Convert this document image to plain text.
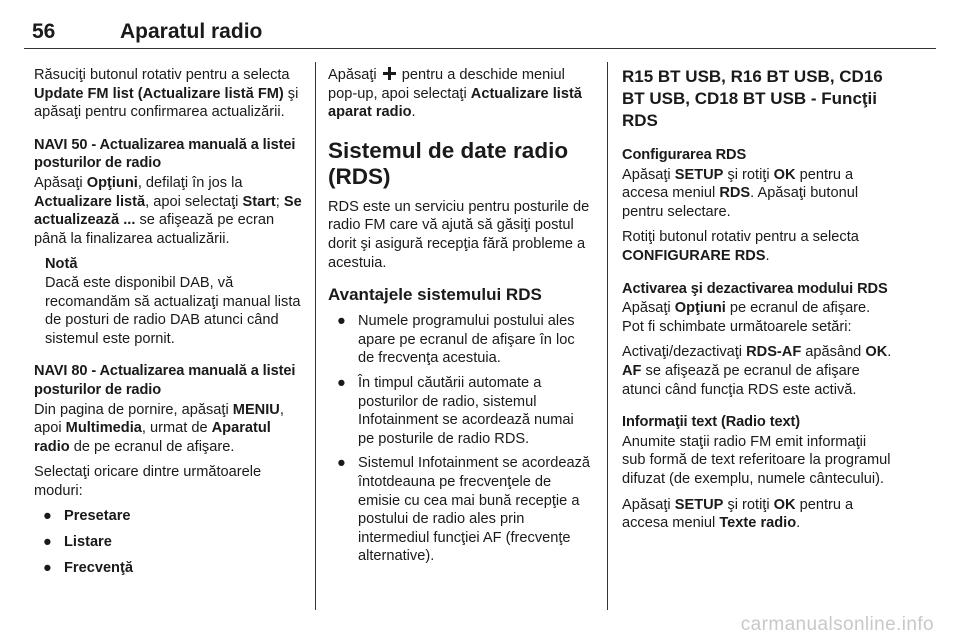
56	Aparatul radio

Răsuciţi butonul rotativ pentru a selecta Update FM list (Actualizare listă FM) şi apăsaţi pentru confirmarea actualizării.

NAVI 50 - Actualizarea manuală a listei posturilor de radio

Apăsaţi Opţiuni, defilaţi în jos la Actualizare listă, apoi selectaţi Start; Se actualizează ... se afişează pe ecran până la finalizarea actualizării.

Notă
Dacă este disponibil DAB, vă recomandăm să actualizaţi manual lista de posturi de radio DAB atunci când sistemul este pornit.
NAVI 80 - Actualizarea manuală a listei posturilor de radio

Din pagina de pornire, apăsaţi MENIU, apoi Multimedia, urmat de Aparatul radio de pe ecranul de afişare.

Selectaţi oricare dintre următoarele moduri:

● Presetare
● Listare
● Frecvenţă

Apăsaţi  pentru a deschide meniul pop-up, apoi selectaţi Actualizare listă aparat radio.

Sistemul de date radio (RDS)

RDS este un serviciu pentru posturile de radio FM care vă ajută să găsiţi postul dorit şi asigură recepţia fără probleme a acestuia.

Avantajele sistemului RDS
● Numele programului postului ales apare pe ecranul de afişare în loc de frecvenţa acestuia.
● În timpul căutării automate a posturilor de radio, sistemul Infotainment se acordează numai pe posturile de radio RDS.
● Sistemul Infotainment se acordează întotdeauna pe frecvenţele de emisie cu cea mai bună recepţie a postului de radio ales prin intermediul funcţiei AF (frecvenţe alternative).
R15 BT USB, R16 BT USB, CD16 BT USB, CD18 BT USB - Funcţii RDS
Configurarea RDS

Apăsaţi SETUP şi rotiţi OK pentru a accesa meniul RDS. Apăsaţi butonul pentru selectare.

Rotiţi butonul rotativ pentru a selecta CONFIGURARE RDS.

Activarea şi dezactivarea modului RDS

Apăsaţi Opţiuni pe ecranul de afişare. Pot fi schimbate următoarele setări:

Activaţi/dezactivaţi RDS-AF apăsând OK. AF se afişează pe ecranul de afişare atunci când funcţia RDS este activă.

Informaţii text (Radio text)

Anumite staţii radio FM emit informaţii sub formă de text referitoare la programul difuzat (de exemplu, numele cântecului).

Apăsaţi SETUP şi rotiţi OK pentru a accesa meniul Texte radio.

carmanualsonline.info
